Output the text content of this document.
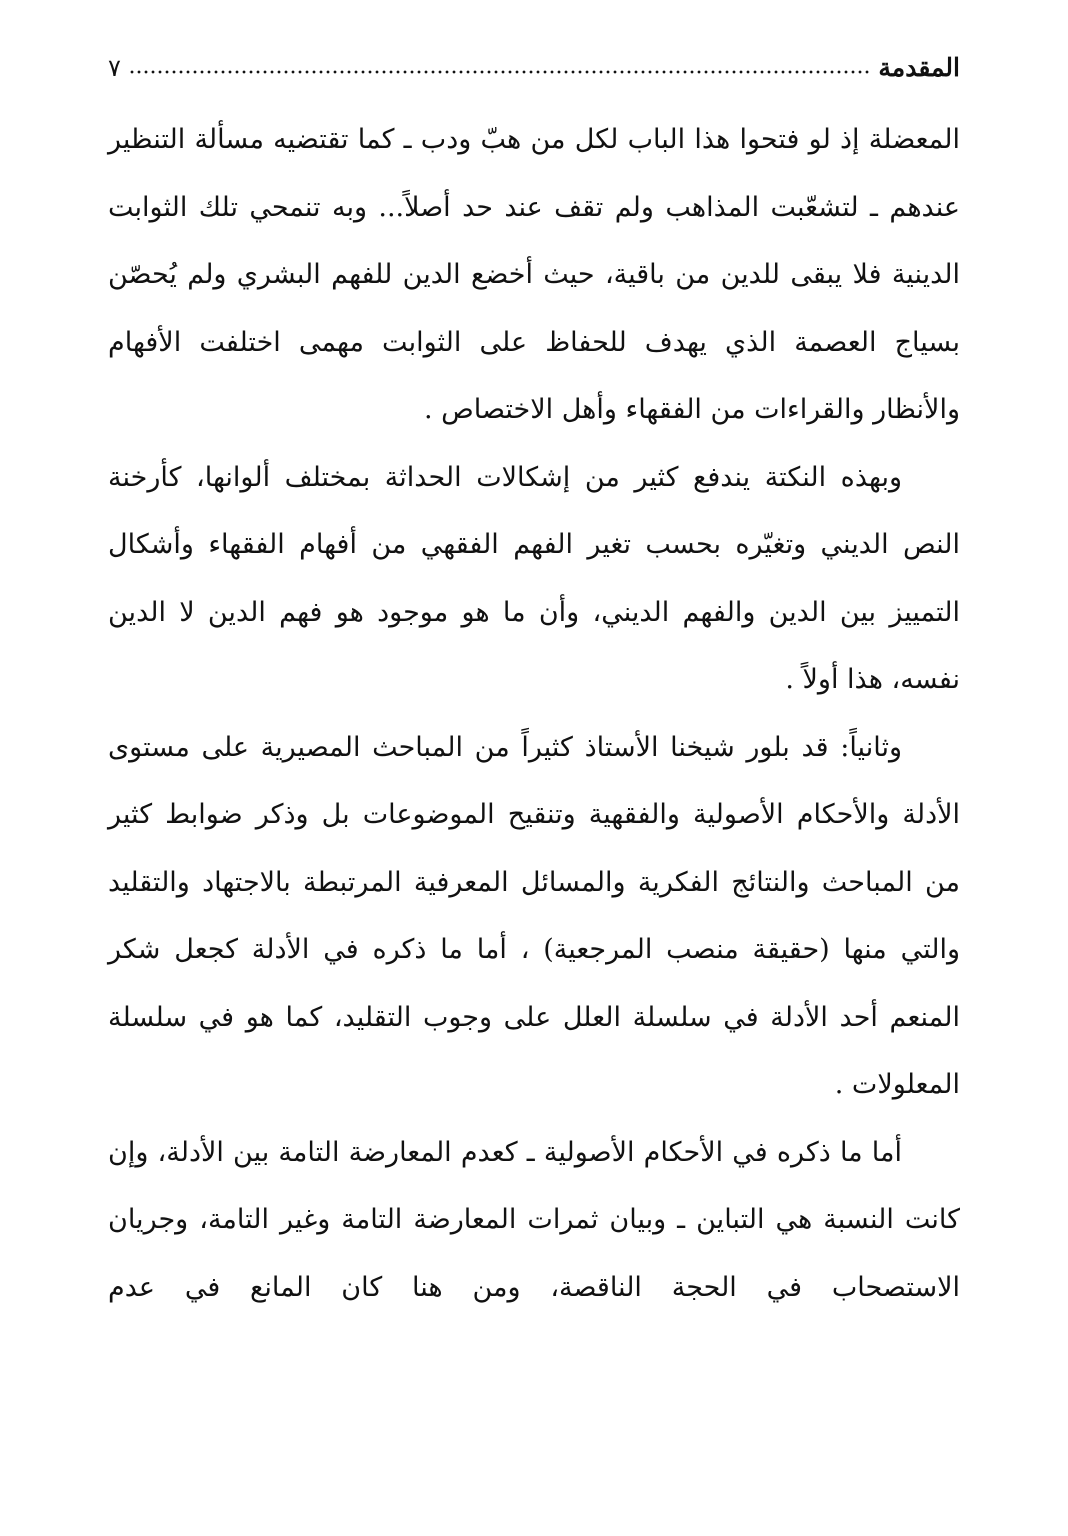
المقدمة
٧

المعضلة إذ لو فتحوا هذا الباب لكل من هبّ ودب ـ كما تقتضيه مسألة التنظير عندهم ـ لتشعّبت المذاهب ولم تقف عند حد أصلاً... وبه تنمحي تلك الثوابت الدينية فلا يبقى للدين من باقية، حيث أخضع الدين للفهم البشري ولم يُحصّن بسياج العصمة الذي يهدف للحفاظ على الثوابت مهمى اختلفت الأفهام والأنظار والقراءات من الفقهاء وأهل الاختصاص .

وبهذه النكتة يندفع كثير من إشكالات الحداثة بمختلف ألوانها، كأرخنة النص الديني وتغيّره بحسب تغير الفهم الفقهي من أفهام الفقهاء وأشكال التمييز بين الدين والفهم الديني، وأن ما هو موجود هو فهم الدين لا الدين نفسه، هذا أولاً .

وثانياً: قد بلور شيخنا الأستاذ كثيراً من المباحث المصيرية على مستوى الأدلة والأحكام الأصولية والفقهية وتنقيح الموضوعات بل وذكر ضوابط كثير من المباحث والنتائج الفكرية والمسائل المعرفية المرتبطة بالاجتهاد والتقليد والتي منها (حقيقة منصب المرجعية) ، أما ما ذكره في الأدلة كجعل شكر المنعم أحد الأدلة في سلسلة العلل على وجوب التقليد، كما هو في سلسلة المعلولات .

أما ما ذكره في الأحكام الأصولية ـ كعدم المعارضة التامة بين الأدلة، وإن كانت النسبة هي التباين ـ وبيان ثمرات المعارضة التامة وغير التامة، وجريان الاستصحاب في الحجة الناقصة، ومن هنا كان المانع في عدم
